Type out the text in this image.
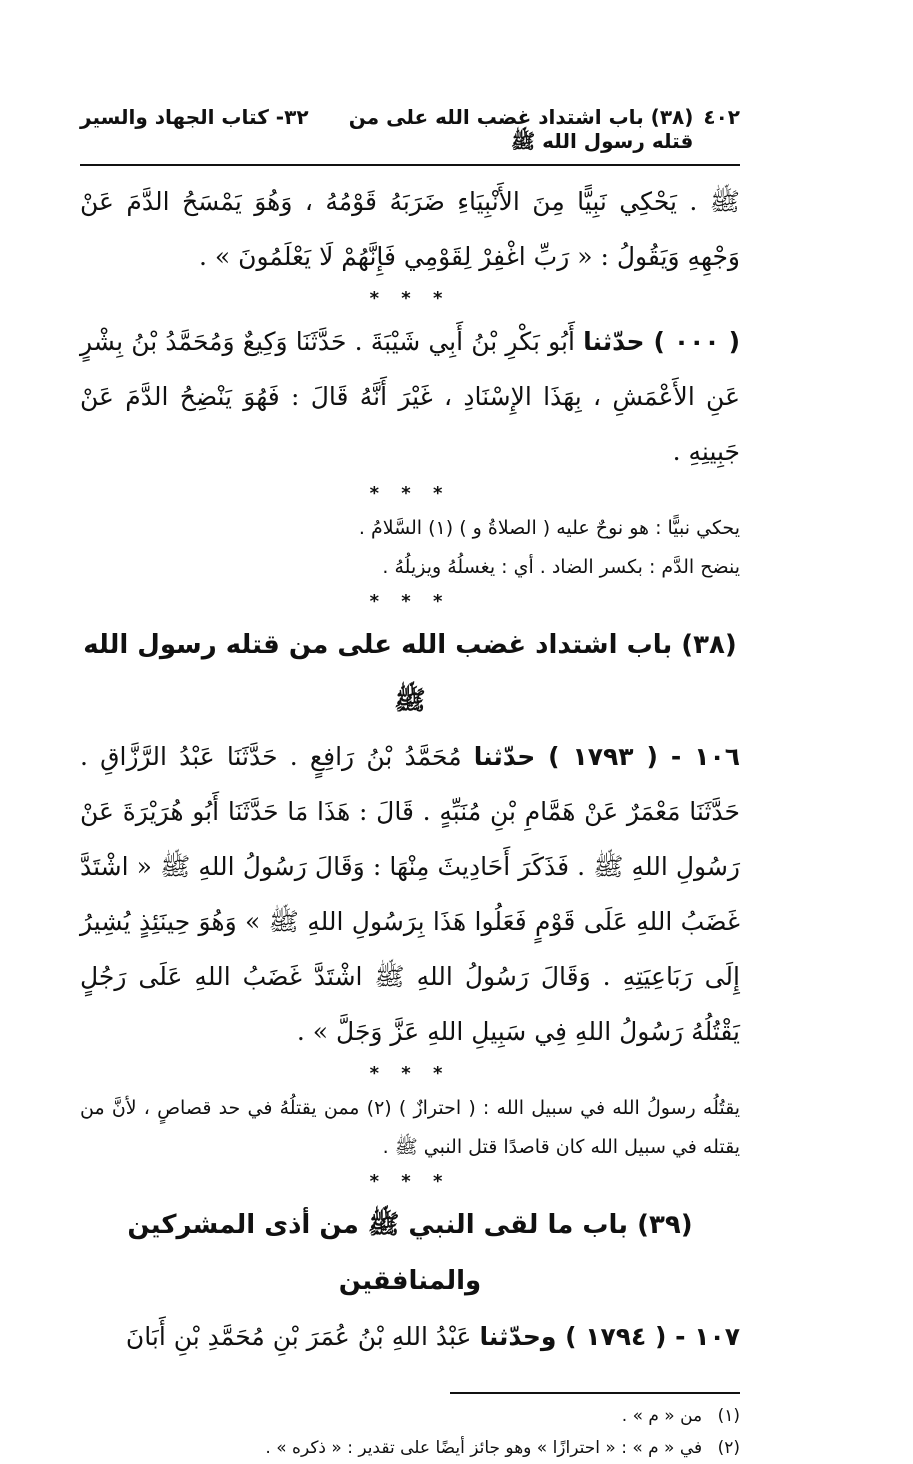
٤٠٢
(٣٨) باب اشتداد غضب الله على من قتله رسول الله ﷺ
٣٢- كتاب الجهاد والسير

ﷺ . يَحْكِي نَبِيًّا مِنَ الأَنْبِيَاءِ ضَرَبَهُ قَوْمُهُ ، وَهُوَ يَمْسَحُ الدَّمَ عَنْ وَجْهِهِ وَيَقُولُ : « رَبِّ اغْفِرْ لِقَوْمِي فَإِنَّهُمْ لَا يَعْلَمُونَ » .

* * *

( ٠٠٠ ) حدّثنا أَبُو بَكْرِ بْنُ أَبِي شَيْبَةَ . حَدَّثَنَا وَكِيعٌ وَمُحَمَّدُ بْنُ بِشْرٍ عَنِ الأَعْمَشِ ، بِهَذَا الإِسْنَادِ ، غَيْرَ أَنَّهُ قَالَ : فَهُوَ يَنْضِحُ الدَّمَ عَنْ جَبِينِهِ .

* * *

يحكي نبيًّا : هو نوحٌ عليه ( الصلاةُ و ) (١) السَّلامُ .

ينضح الدَّم : بكسر الضاد . أي : يغسلُهُ ويزيلُهُ .

* * *
(٣٨) باب اشتداد غضب الله على من قتله رسول الله ﷺ

١٠٦ - ( ١٧٩٣ ) حدّثنا مُحَمَّدُ بْنُ رَافِعٍ . حَدَّثَنَا عَبْدُ الرَّزَّاقِ . حَدَّثَنَا مَعْمَرٌ عَنْ هَمَّامِ بْنِ مُنَبِّهٍ . قَالَ : هَذَا مَا حَدَّثَنَا أَبُو هُرَيْرَةَ عَنْ رَسُولِ اللهِ ﷺ . فَذَكَرَ أَحَادِيثَ مِنْهَا : وَقَالَ رَسُولُ اللهِ ﷺ « اشْتَدَّ غَضَبُ اللهِ عَلَى قَوْمٍ فَعَلُوا هَذَا بِرَسُولِ اللهِ ﷺ » وَهُوَ حِينَئِذٍ يُشِيرُ إِلَى رَبَاعِيَتِهِ . وَقَالَ رَسُولُ اللهِ ﷺ اشْتَدَّ غَضَبُ اللهِ عَلَى رَجُلٍ يَقْتُلُهُ رَسُولُ اللهِ فِي سَبِيلِ اللهِ عَزَّ وَجَلَّ » .

* * *

يقتُلُه رسولُ الله في سبيل الله : ( احترازٌ ) (٢) ممن يقتلُهُ في حد قصاصٍ ، لأنَّ من يقتله في سبيل الله كان قاصدًا قتل النبي ﷺ .

* * *
(٣٩) باب ما لقى النبي ﷺ من أذى المشركين والمنافقين

١٠٧ - ( ١٧٩٤ ) وحدّثنا عَبْدُ اللهِ بْنُ عُمَرَ بْنِ مُحَمَّدِ بْنِ أَبَانَ

(١) من « م » .
(٢) في « م » : « احترازًا » وهو جائز أيضًا على تقدير : « ذكره » .
